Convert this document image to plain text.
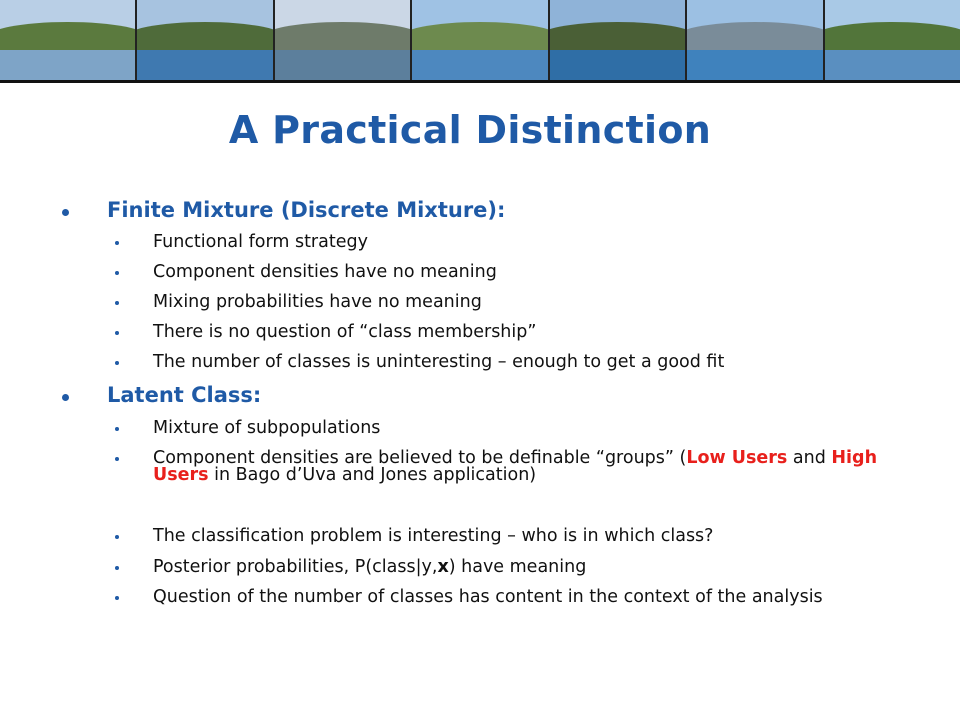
A Practical Distinction
Finite Mixture (Discrete Mixture):
Functional form strategy
Component densities have no meaning
Mixing probabilities have no meaning
There is no question of “class membership”
The number of classes is uninteresting – enough to get a good fit
Latent Class:
Mixture of subpopulations
Component densities are believed to be definable “groups” (Low Users and High Users in Bago d’Uva and Jones application)
The classification problem is interesting – who is in which class?
Posterior probabilities, P(class|y,x) have meaning
Question of the number of classes has content in the context of the analysis
